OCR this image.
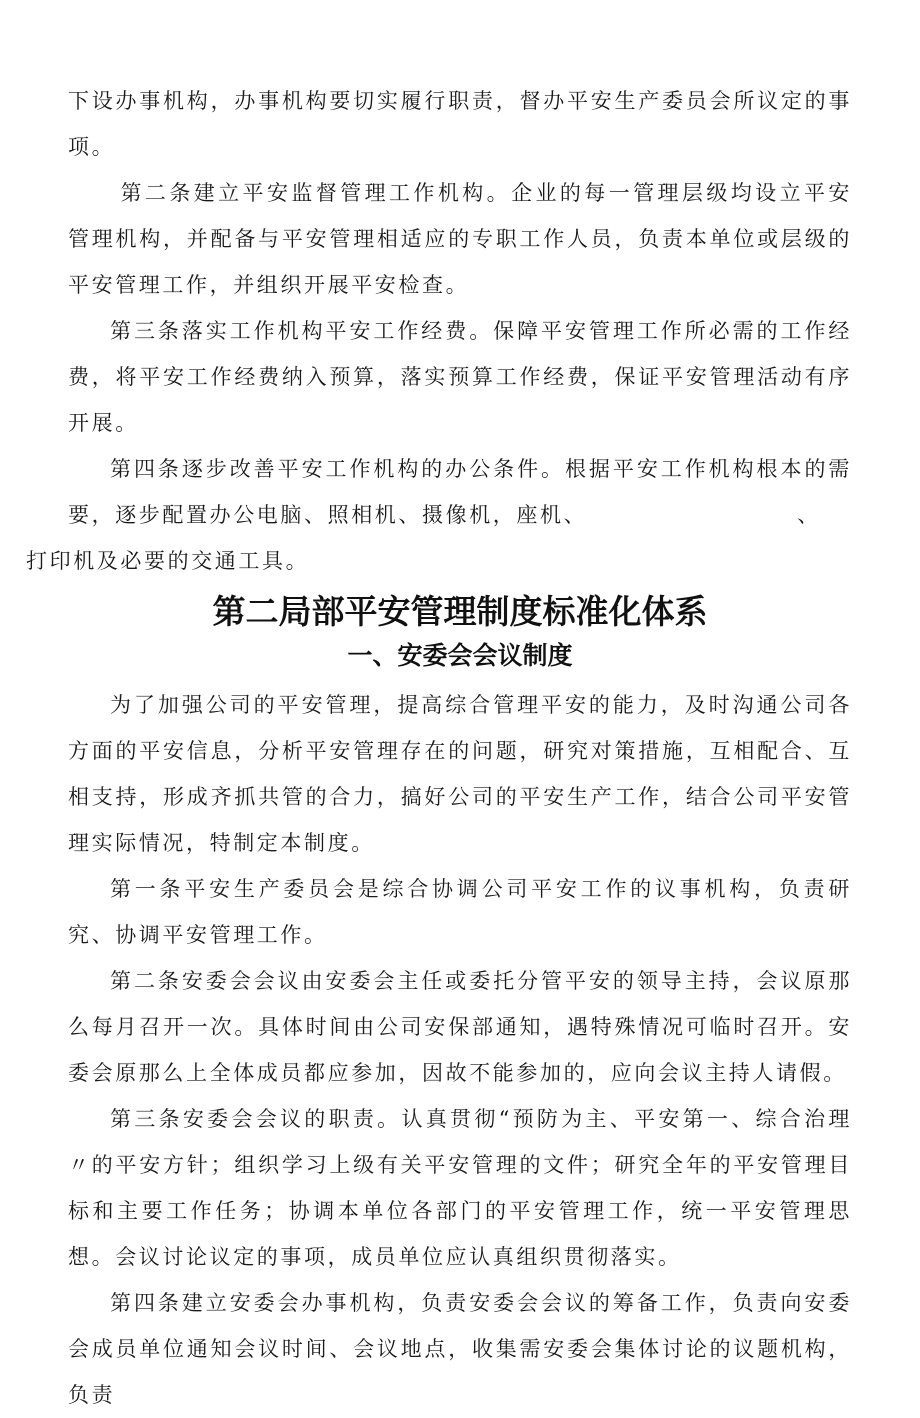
下设办事机构，办事机构要切实履行职责，督办平安生产委员会所议定的事项。

第二条建立平安监督管理工作机构。企业的每一管理层级均设立平安管理机构，并配备与平安管理相适应的专职工作人员，负责本单位或层级的平安管理工作，并组织开展平安检查。

第三条落实工作机构平安工作经费。保障平安管理工作所必需的工作经费，将平安工作经费纳入预算，落实预算工作经费，保证平安管理活动有序开展。

第四条逐步改善平安工作机构的办公条件。根据平安工作机构根本的需要，逐步配置办公电脑、照相机、摄像机，座机、	、
打印机及必要的交通工具。

第二局部平安管理制度标准化体系
一、安委会会议制度

为了加强公司的平安管理，提高综合管理平安的能力，及时沟通公司各方面的平安信息，分析平安管理存在的问题，研究对策措施，互相配合、互相支持，形成齐抓共管的合力，搞好公司的平安生产工作，结合公司平安管理实际情况，特制定本制度。

第一条平安生产委员会是综合协调公司平安工作的议事机构，负责研究、协调平安管理工作。

第二条安委会会议由安委会主任或委托分管平安的领导主持，会议原那么每月召开一次。具体时间由公司安保部通知，遇特殊情况可临时召开。安委会原那么上全体成员都应参加，因故不能参加的，应向会议主持人请假。

第三条安委会会议的职责。认真贯彻“预防为主、平安第一、综合治理〃的平安方针；组织学习上级有关平安管理的文件；研究全年的平安管理目标和主要工作任务；协调本单位各部门的平安管理工作，统一平安管理思想。会议讨论议定的事项，成员单位应认真组织贯彻落实。

第四条建立安委会办事机构，负责安委会会议的筹备工作，负责向安委会成员单位通知会议时间、会议地点，收集需安委会集体讨论的议题机构，负责
